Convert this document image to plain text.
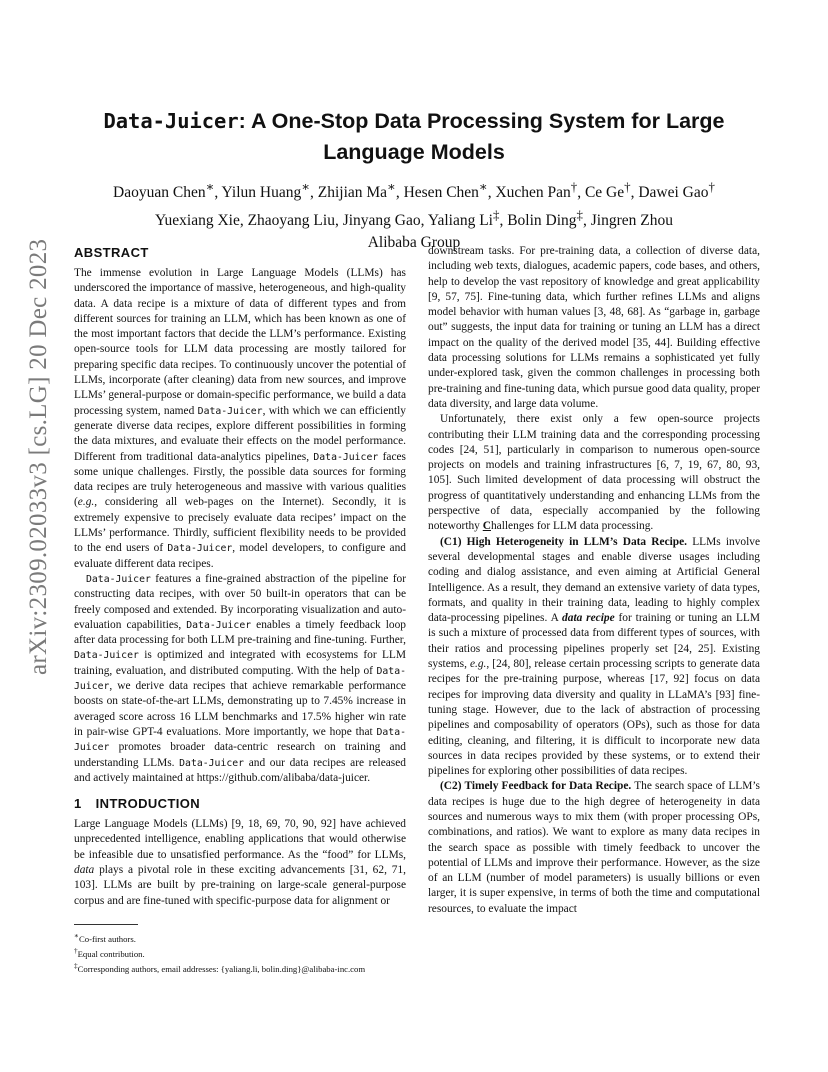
arXiv:2309.02033v3 [cs.LG] 20 Dec 2023
Data-Juicer: A One-Stop Data Processing System for Large
Language Models
Daoyuan Chen∗, Yilun Huang∗, Zhijian Ma∗, Hesen Chen∗, Xuchen Pan†, Ce Ge†, Dawei Gao†
Yuexiang Xie, Zhaoyang Liu, Jinyang Gao, Yaliang Li‡, Bolin Ding‡, Jingren Zhou
Alibaba Group
ABSTRACT

The immense evolution in Large Language Models (LLMs) has underscored the importance of massive, heterogeneous, and high-quality data. A data recipe is a mixture of data of different types and from different sources for training an LLM, which has been known as one of the most important factors that decide the LLM’s performance. Existing open-source tools for LLM data processing are mostly tailored for preparing specific data recipes. To continuously uncover the potential of LLMs, incorporate (after cleaning) data from new sources, and improve LLMs’ general-purpose or domain-specific performance, we build a data processing system, named Data-Juicer, with which we can efficiently generate diverse data recipes, explore different possibilities in forming the data mixtures, and evaluate their effects on the model performance. Different from traditional data-analytics pipelines, Data-Juicer faces some unique challenges. Firstly, the possible data sources for forming data recipes are truly heterogeneous and massive with various qualities (e.g., considering all web-pages on the Internet). Secondly, it is extremely expensive to precisely evaluate data recipes’ impact on the LLMs’ performance. Thirdly, sufficient flexibility needs to be provided to the end users of Data-Juicer, model developers, to configure and evaluate different data recipes.

Data-Juicer features a fine-grained abstraction of the pipeline for constructing data recipes, with over 50 built-in operators that can be freely composed and extended. By incorporating visualization and auto-evaluation capabilities, Data-Juicer enables a timely feedback loop after data processing for both LLM pre-training and fine-tuning. Further, Data-Juicer is optimized and integrated with ecosystems for LLM training, evaluation, and distributed computing. With the help of Data-Juicer, we derive data recipes that achieve remarkable performance boosts on state-of-the-art LLMs, demonstrating up to 7.45% increase in averaged score across 16 LLM benchmarks and 17.5% higher win rate in pair-wise GPT-4 evaluations. More importantly, we hope that Data-Juicer promotes broader data-centric research on training and understanding LLMs. Data-Juicer and our data recipes are released and actively maintained at https://github.com/alibaba/data-juicer.

1 INTRODUCTION

Large Language Models (LLMs) [9, 18, 69, 70, 90, 92] have achieved unprecedented intelligence, enabling applications that would otherwise be infeasible due to unsatisfied performance. As the “food” for LLMs, data plays a pivotal role in these exciting advancements [31, 62, 71, 103]. LLMs are built by pre-training on large-scale general-purpose corpus and are fine-tuned with specific-purpose data for alignment or

downstream tasks. For pre-training data, a collection of diverse data, including web texts, dialogues, academic papers, code bases, and others, help to develop the vast repository of knowledge and great applicability [9, 57, 75]. Fine-tuning data, which further refines LLMs and aligns model behavior with human values [3, 48, 68]. As “garbage in, garbage out” suggests, the input data for training or tuning an LLM has a direct impact on the quality of the derived model [35, 44]. Building effective data processing solutions for LLMs remains a sophisticated yet fully under-explored task, given the common challenges in processing both pre-training and fine-tuning data, which pursue good data quality, proper data diversity, and large data volume.

Unfortunately, there exist only a few open-source projects contributing their LLM training data and the corresponding processing codes [24, 51], particularly in comparison to numerous open-source projects on models and training infrastructures [6, 7, 19, 67, 80, 93, 105]. Such limited development of data processing will obstruct the progress of quantitatively understanding and enhancing LLMs from the perspective of data, especially accompanied by the following noteworthy Challenges for LLM data processing.

(C1) High Heterogeneity in LLM’s Data Recipe. LLMs involve several developmental stages and enable diverse usages including coding and dialog assistance, and even aiming at Artificial General Intelligence. As a result, they demand an extensive variety of data types, formats, and quality in their training data, leading to highly complex data-processing pipelines. A data recipe for training or tuning an LLM is such a mixture of processed data from different types of sources, with their ratios and processing pipelines properly set [24, 25]. Existing systems, e.g., [24, 80], release certain processing scripts to generate data recipes for the pre-training purpose, whereas [17, 92] focus on data recipes for improving data diversity and quality in LLaMA’s [93] fine-tuning stage. However, due to the lack of abstraction of processing pipelines and composability of operators (OPs), such as those for data editing, cleaning, and filtering, it is difficult to incorporate new data sources in data recipes provided by these systems, or to extend their pipelines for exploring other possibilities of data recipes.

(C2) Timely Feedback for Data Recipe. The search space of LLM’s data recipes is huge due to the high degree of heterogeneity in data sources and numerous ways to mix them (with proper processing OPs, combinations, and ratios). We want to explore as many data recipes in the search space as possible with timely feedback to uncover the potential of LLMs and improve their performance. However, as the size of an LLM (number of model parameters) is usually billions or even larger, it is super expensive, in terms of both the time and computational resources, to evaluate the impact

∗Co-first authors.

†Equal contribution.

‡Corresponding authors, email addresses: {yaliang.li, bolin.ding}@alibaba-inc.com
